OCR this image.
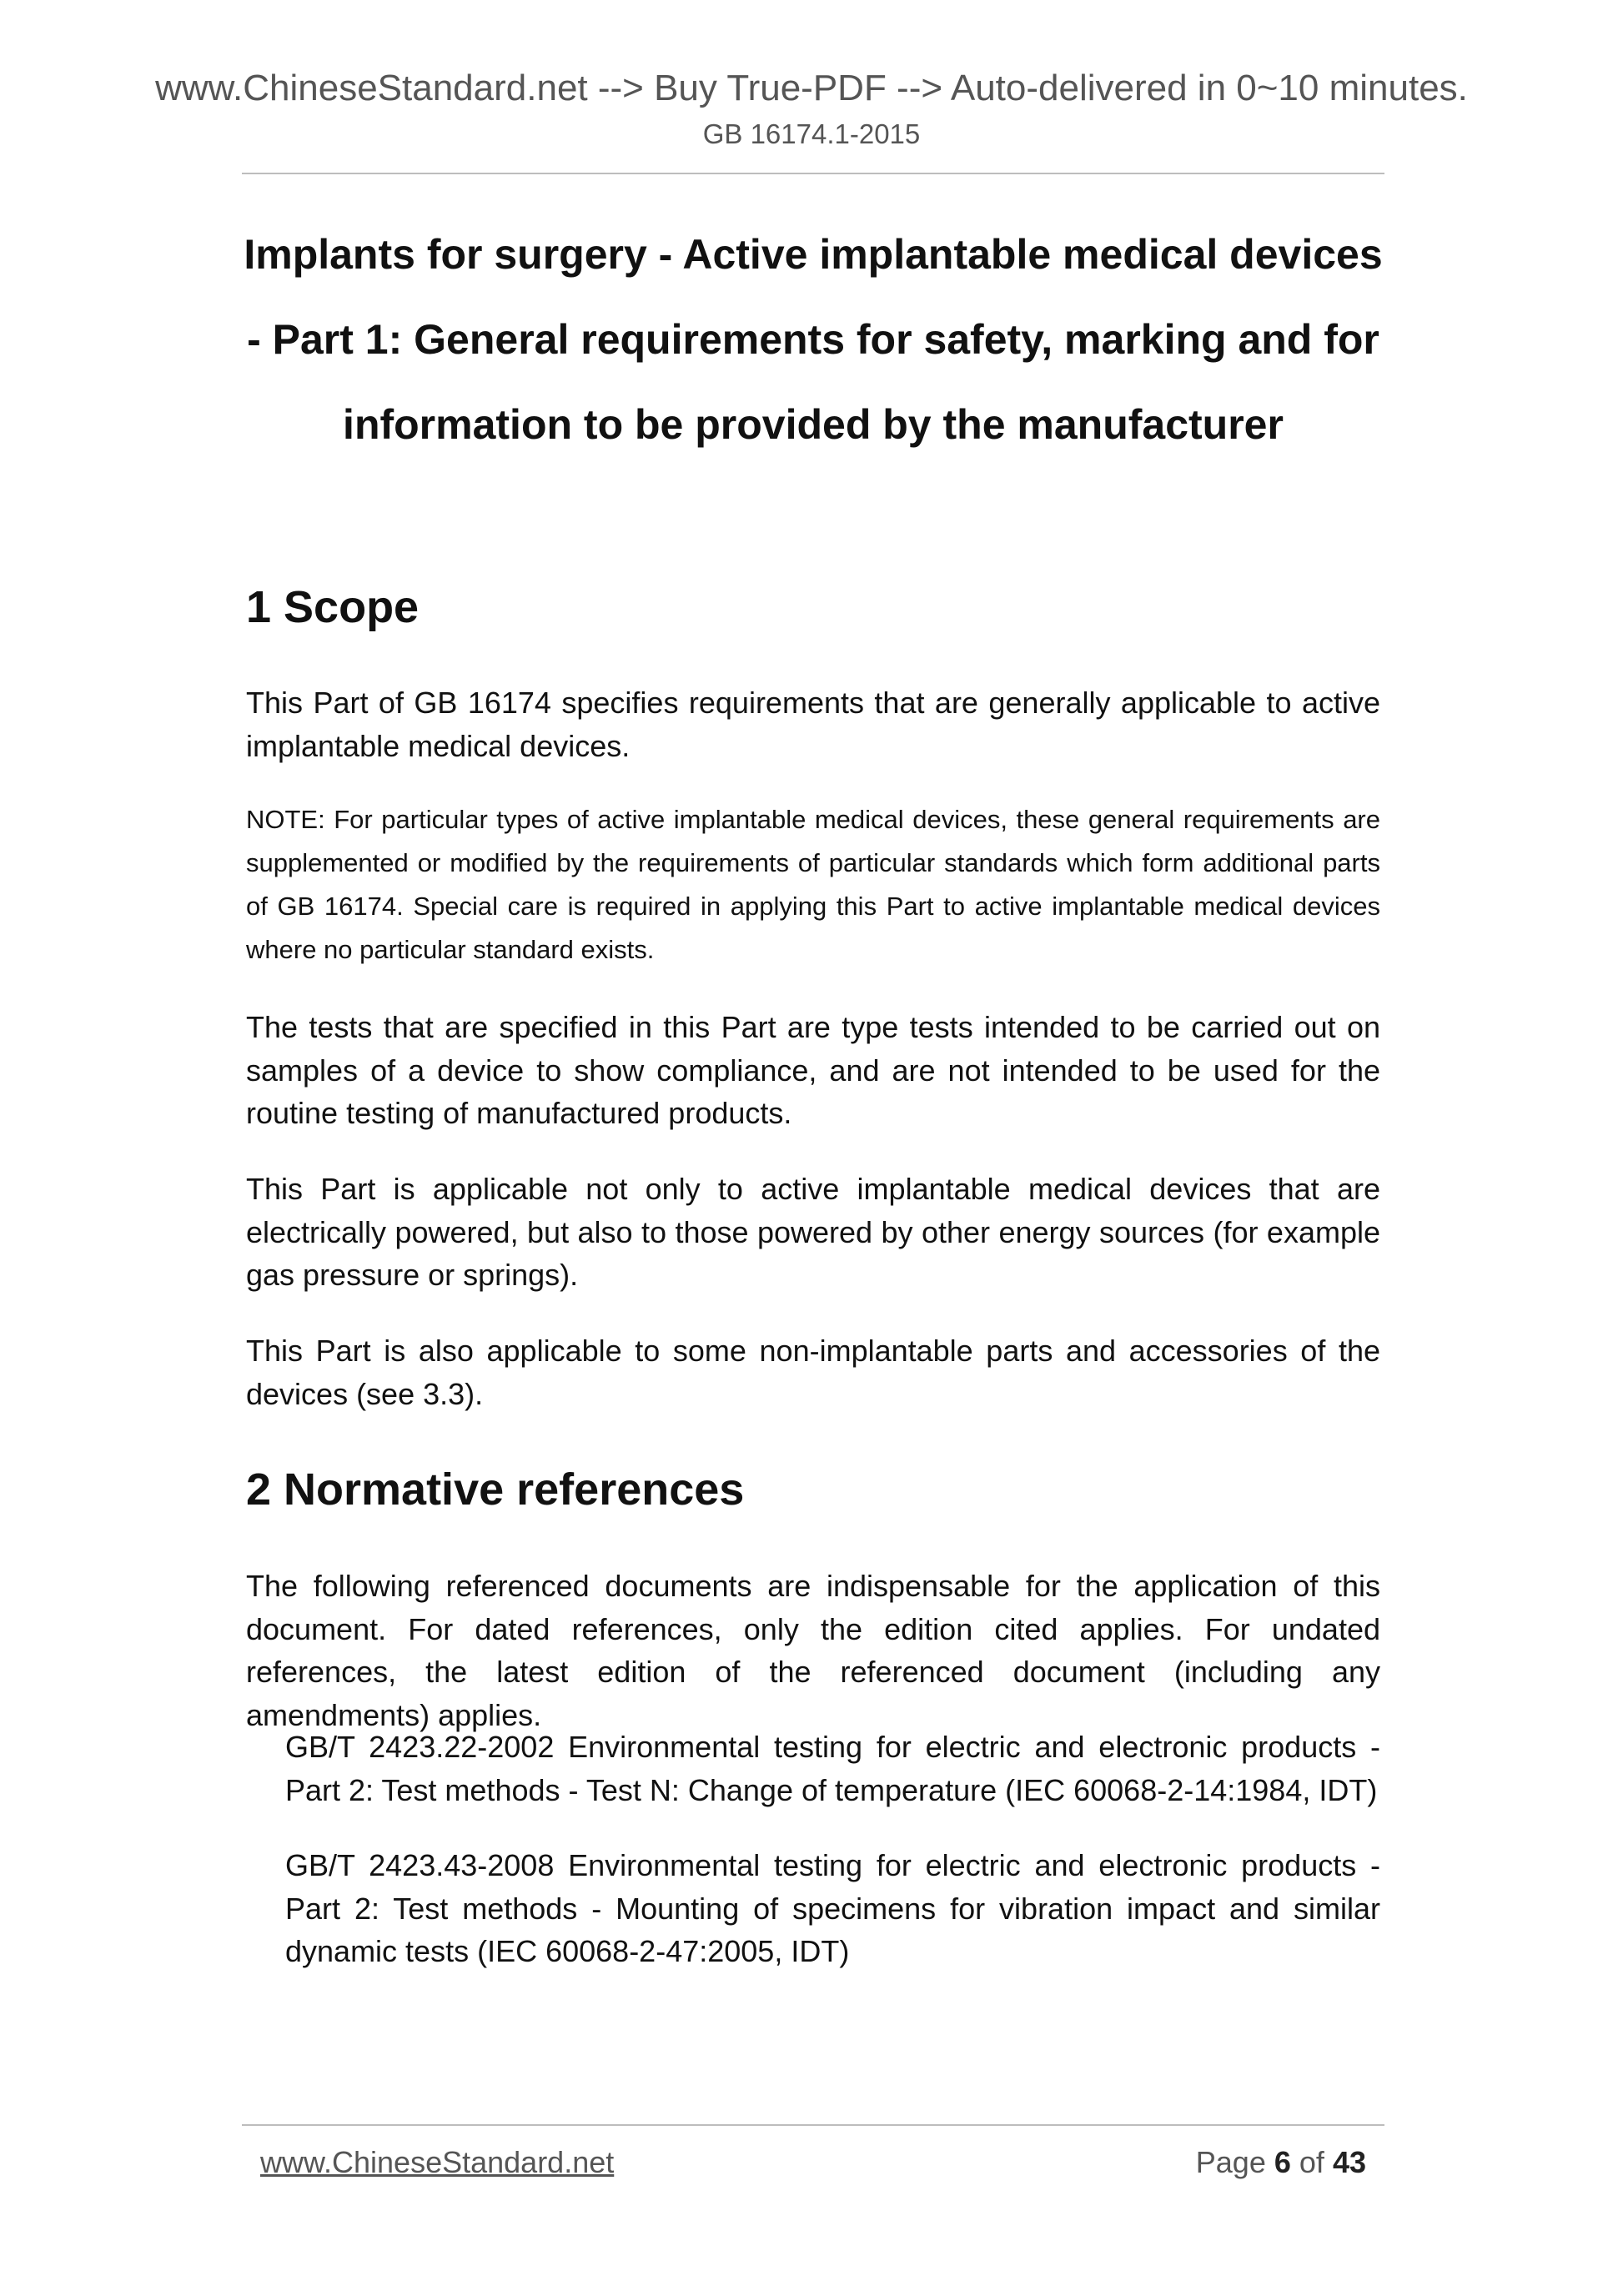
www.ChineseStandard.net --> Buy True-PDF --> Auto-delivered in 0~10 minutes.
GB 16174.1-2015
Implants for surgery - Active implantable medical devices
- Part 1: General requirements for safety, marking and for
information to be provided by the manufacturer
1 Scope

This Part of GB 16174 specifies requirements that are generally applicable to active implantable medical devices.

NOTE: For particular types of active implantable medical devices, these general requirements are supplemented or modified by the requirements of particular standards which form additional parts of GB 16174. Special care is required in applying this Part to active implantable medical devices where no particular standard exists.

The tests that are specified in this Part are type tests intended to be carried out on samples of a device to show compliance, and are not intended to be used for the routine testing of manufactured products.

This Part is applicable not only to active implantable medical devices that are electrically powered, but also to those powered by other energy sources (for example gas pressure or springs).

This Part is also applicable to some non-implantable parts and accessories of the devices (see 3.3).

2 Normative references

The following referenced documents are indispensable for the application of this document. For dated references, only the edition cited applies. For undated references, the latest edition of the referenced document (including any amendments) applies.

GB/T 2423.22-2002 Environmental testing for electric and electronic products - Part 2: Test methods - Test N: Change of temperature (IEC 60068-2-14:1984, IDT)

GB/T 2423.43-2008 Environmental testing for electric and electronic products - Part 2: Test methods - Mounting of specimens for vibration impact and similar dynamic tests (IEC 60068-2-47:2005, IDT)

www.ChineseStandard.net	Page 6 of 43
